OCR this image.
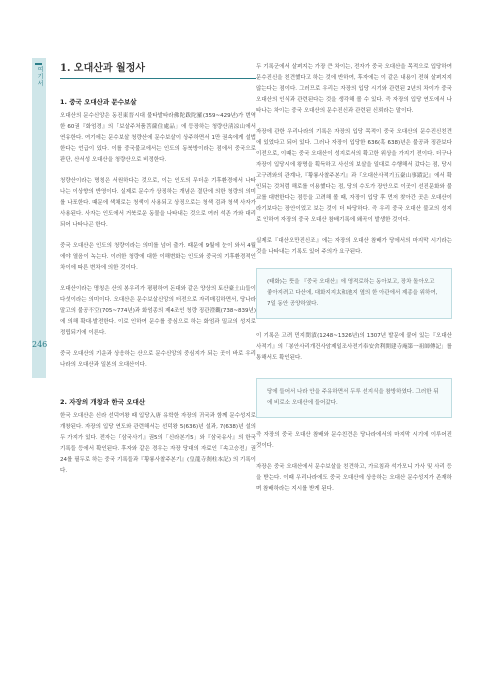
여기서
246
1. 오대산과 월정사
1. 중국 오대산과 문수보살

오대산의 문수신앙은 동진東晋시대 불타발타라佛陀跋陀羅(359~429년)가 번역한 60권『화엄경』의「보살주처품菩薩住處品」에 등장하는 청량산淸凉山에서 연유한다. 여기에는 문수보살 청량산에 문수보살이 상주하면서 1만 권속에게 설법한다는 언급이 있다. 이를 중국불교에서는 인도의 동북방이라는 점에서 중국으로 판단, 산서성 오대산을 청량산으로 비정한다.

청량산이라는 명칭은 서원하다는 것으로, 이는 인도의 무더운 기후환경에서 나타나는 이상향의 반영이다. 실제로 문수가 상징하는 개념은 결단에 의한 청량의 의미를 나포한다. 때문에 색채로는 청색이 사용되고 상징으로는 청색 검과 청색 사자가 사용된다. 사자는 인도에서 거북로운 동물을 나타내는 것으로 여러 석존 가와 대리되어 나타나곤 한다.

중국 오대산은 인도의 청량이라는 의미를 넘어 출가. 때문에 9월에 눈이 와서 4월에야 열음이 녹는다. 이러한 청량에 대한 이해변화는 인도와 중국의 기후환경적인 차이에 따른 변차에 의한 것이다.

오대산이라는 명칭은 산의 봉우리가 평평하여 돈대와 같은 양상의 토산臺土山들이 다섯이라는 의미이다. 오대산은 문수보살신앙의 터전으로 자리매김하면서, 당나라 말고의 불공不空(705~774년)과 화엄종의 제4조인 청량 징관澄觀(738~839년)에 의해 확대·발전한다. 이로 인하여 문수를 중심으로 하는 화엄과 밀교의 성지로 정립되기에 이른다.

중국 오대산의 기운과 상응하는 산으로 문수신앙의 중심지가 되는 곳이 바로 우리나라의 오대산과 일본의 오대산이다.

2. 자장의 개창과 한국 오대산

한국 오대산은 신라 선덕여왕 때 입당入唐 유학한 자장의 귀국과 함께 문수성지로 개창된다. 자장의 입당 연도와 관련해서는 선덕왕 5(636)년 설과, 7(638)년 설의 두 가지가 있다. 전자는『삼국사기』권5의「신라본기5」와『삼국유사』의 한국 기록들 등에서 확인된다. 후자와 같은 경우는 자장 당대의 자료인『속고승전』권24를 필두로 하는 중국 기록들과『황룡사찰주본기』(皇龍寺刹柱本記) 의 기록이다.

두 기록군에서 살펴지는 가장 큰 차이는, 전자가 중국 오대산을 목적으로 입당하여 문수진신을 친견했다고 하는 것에 반하여, 후자에는 이 같은 내용이 전혀 살펴지지 않는다는 점이다. 그러므로 우리는 자장의 입당 시기와 관련된 2년의 차이가 중국 오대산의 인식과 관련된다는 것을 생각해 볼 수 있다. 즉 자장의 입당 연도에서 나타나는 차이는 중국 오대산의 문수진신과 관련된 신뢰라는 말이다.

자장에 관한 우리나라의 기록은 자장의 입당 목적이 중국 오대산의 문수진신친견에 있었다고 되어 있다. 그러나 자장이 입당한 636(혹 638)년은 불공과 징관보다 이전으로, 이때는 중국 오대산이 성지로서의 확고한 위상을 가지기 전이다. 더구나 자장이 입당시에 왕명을 획득하고 사신의 보살을 일대로 수행해서 갔다는 점, 당시 고구려와의 관계나,『황룡사찰주본기』과『오대산사적기五臺山事蹟記』에서 확인되는 것처럼 해로를 이용했다는 점, 당의 수도가 장안으로 이곳이 선진문화와 불교를 대변한다는 점등을 고려해 볼 때, 자장이 입당 후 먼저 찾아간 곳은 오대산이라기보다는 장안이었고 보는 것이 더 타당하다. 즉 우리 중국 오대산 불교의 성지로 인하여 자장의 중국 오대산 참배기록에 왜곡이 발생한 것이다.

실제로『대산오만진신조』에는 자장의 오대산 참배가 당에서의 마지막 시기라는 것을 나타내는 기록도 있어 주의가 요구된다.

(태화)는 뜻을 『중국 오대산』에 영적로하는 동아보고, 장차 돌아오고 좋아지려고 다산에, 대화지지太和池지 옆의 한 아관에서 제종을 위하여, 7일 동안 공양하였다.

이 기록은 고려 민지閔漬(1248~1326년)의 1307년 발문에 붙어 있는『오대산사적기』의「봉안사리개건사암제일조사전기奉安舍利開建寺庵第一祖師傳記」를 통해서도 확인된다.

당에 들어서 나라 안을 주유하면서 두루 선지식을 참방하였다. 그러한 뒤에 비로소 오대산에 들어갔다.

즉 자장의 중국 오대산 참배와 문수친견은 당나라에서의 마지막 시기에 이루어진 것이다.

자장은 중국 오대산에서 문수보살을 친견하고, 가르침과 석가모니 가사 및 사리 등을 받는다. 이때 우리나라에도 중국 오대산에 상응하는 오대산 문수성지가 존재하며 참배하라는 지시를 받게 된다.
